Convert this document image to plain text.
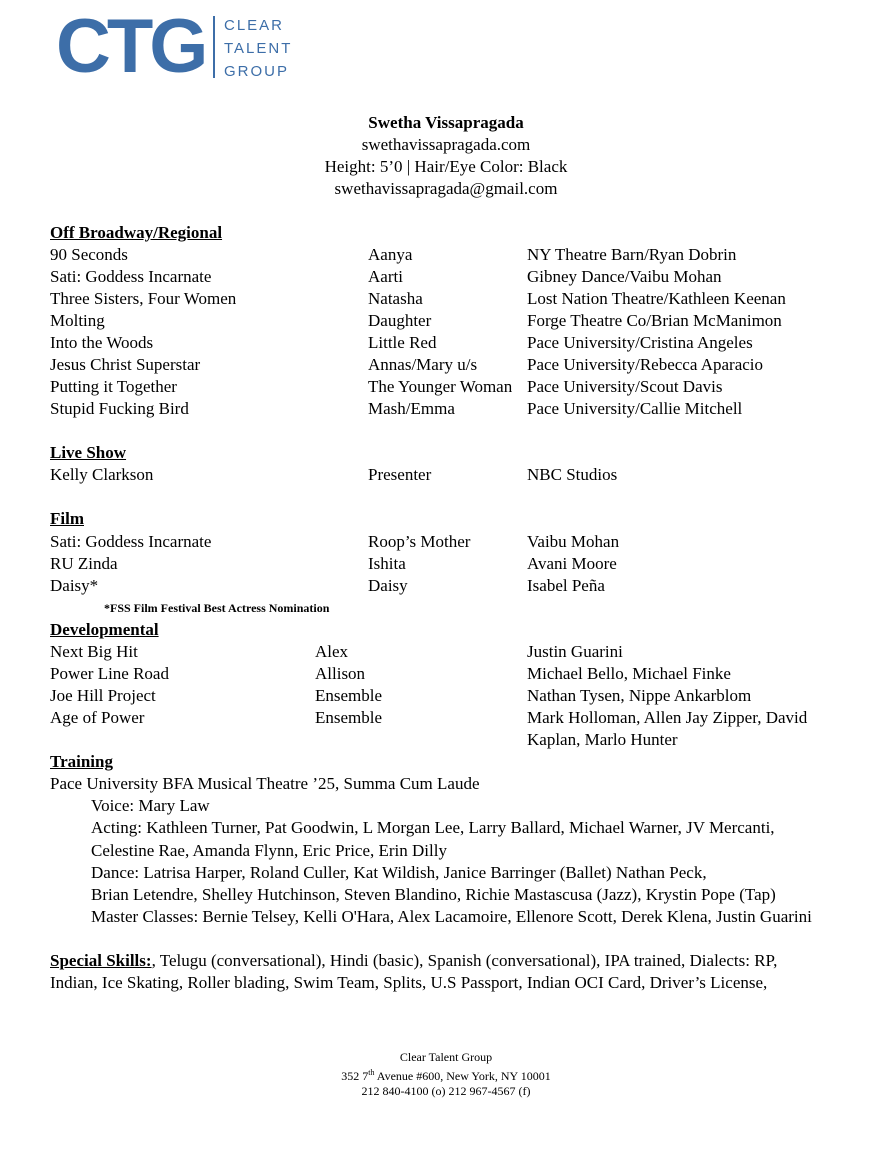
CTG CLEAR
TALENT
GROUP
Swetha Vissapragada
swethavissapragada.com
Height: 5’0 | Hair/Eye Color: Black
swethavissapragada@gmail.com
Off Broadway/Regional
90 Seconds	Aanya	NY Theatre Barn/Ryan Dobrin
Sati: Goddess Incarnate	Aarti	Gibney Dance/Vaibu Mohan
Three Sisters, Four Women	Natasha	Lost Nation Theatre/Kathleen Keenan
Molting	Daughter	Forge Theatre Co/Brian McManimon
Into the Woods	Little Red	Pace University/Cristina Angeles
Jesus Christ Superstar	Annas/Mary u/s	Pace University/Rebecca Aparacio
Putting it Together	The Younger Woman Pace University/Scout Davis
Stupid Fucking Bird	Mash/Emma	Pace University/Callie Mitchell
Live Show
Kelly Clarkson	Presenter	NBC Studios
Film
Sati: Goddess Incarnate	Roop’s Mother	Vaibu Mohan
RU Zinda	Ishita	Avani Moore
Daisy*	Daisy	Isabel Peña
*FSS Film Festival Best Actress Nomination
Developmental
Next Big Hit	Alex	Justin Guarini
Power Line Road	Allison	Michael Bello, Michael Finke
Joe Hill Project	Ensemble	Nathan Tysen, Nippe Ankarblom
Age of Power	Ensemble	Mark Holloman, Allen Jay Zipper, David
Kaplan, Marlo Hunter
Training
Pace University BFA Musical Theatre ’25, Summa Cum Laude
Voice: Mary Law
Acting: Kathleen Turner, Pat Goodwin, L Morgan Lee, Larry Ballard, Michael Warner, JV Mercanti,
Celestine Rae, Amanda Flynn, Eric Price, Erin Dilly
Dance: Latrisa Harper, Roland Culler, Kat Wildish, Janice Barringer (Ballet) Nathan Peck,
Brian Letendre, Shelley Hutchinson, Steven Blandino, Richie Mastascusa (Jazz), Krystin Pope (Tap)
Master Classes: Bernie Telsey, Kelli O'Hara, Alex Lacamoire, Ellenore Scott, Derek Klena, Justin Guarini
Special Skills:, Telugu (conversational), Hindi (basic), Spanish (conversational), IPA trained, Dialects: RP,
Indian, Ice Skating, Roller blading, Swim Team, Splits, U.S Passport, Indian OCI Card, Driver’s License,
Clear Talent Group
352 7th Avenue #600, New York, NY 10001
212 840-4100 (o) 212 967-4567 (f)
